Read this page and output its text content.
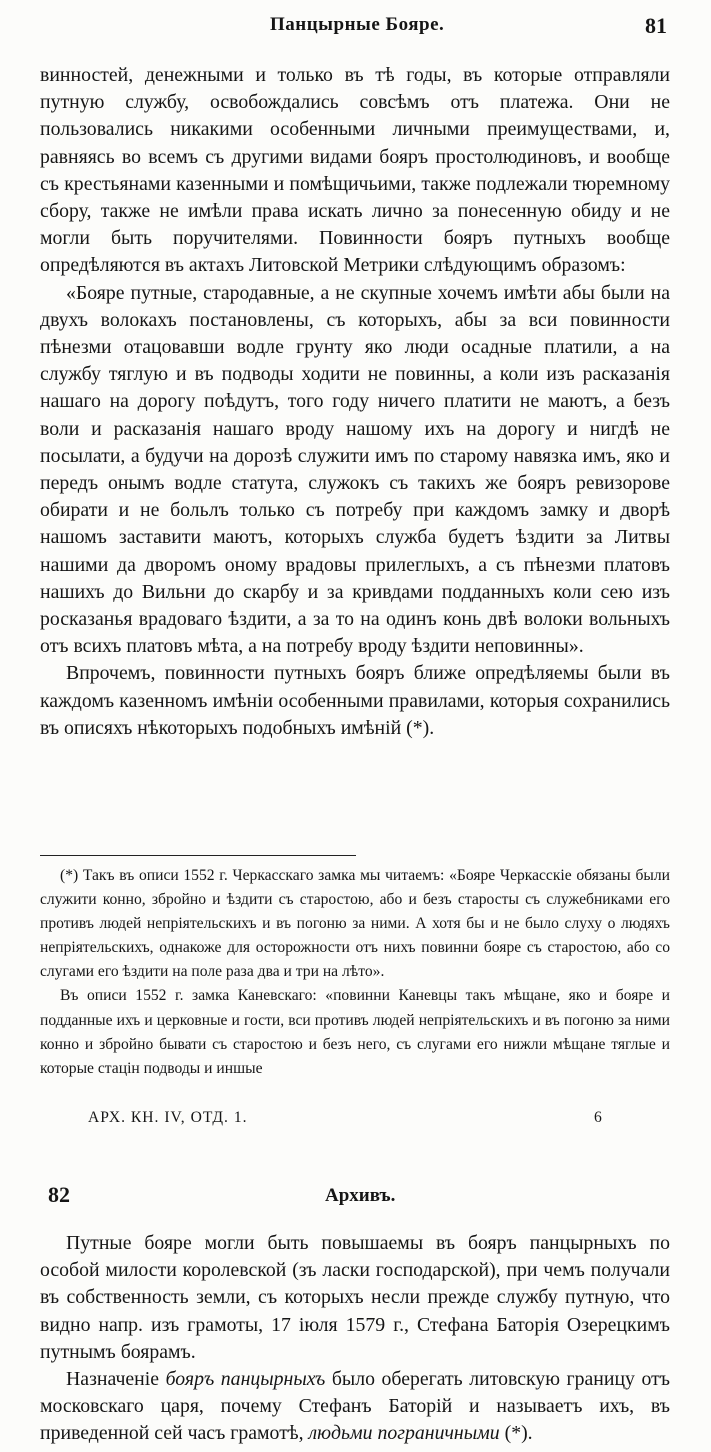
Панцырные Бояре.	81

винностей, денежными и только въ тѣ годы, въ которые отправляли путную службу, освобождались совсѣмъ отъ платежа. Они не пользовались никакими особенными личными преимуществами, и, равняясь во всемъ съ другими видами бояръ простолюдиновъ, и вообще съ крестьянами казенными и помѣщичьими, также подлежали тюремному сбору, также не имѣли права искать лично за понесенную обиду и не могли быть поручителями. Повинности бояръ путныхъ вообще опредѣляются въ актахъ Литовской Метрики слѣдующимъ образомъ:

«Бояре путные, стародавные, а не скупные хочемъ имѣти абы были на двухъ волокахъ постановлены, съ которыхъ, абы за вси повинности пѣнезми отацовавши водле грунту яко люди осадные платили, а на службу тяглую и въ подводы ходити не повинны, а коли изъ расказанія нашаго на дорогу поѣдутъ, того году ничего платити не маютъ, а безъ воли и расказанія нашаго вроду нашому ихъ на дорогу и нигдѣ не посылати, а будучи на дорозѣ служити имъ по старому навязка имъ, яко и передъ онымъ водле статута, служокъ съ такихъ же бояръ ревизорове обирати и не больлъ только съ потребу при каждомъ замку и дворѣ нашомъ заставити маютъ, которыхъ служба будетъ ѣздити за Литвы нашими да дворомъ оному врадовы прилеглыхъ, а съ пѣнезми платовъ нашихъ до Вильни до скарбу и за кривдами подданныхъ коли сею изъ росказанья врадоваго ѣздити, а за то на одинъ конь двѣ волоки вольныхъ отъ всихъ платовъ мѣта, а на потребу вроду ѣздити неповинны».

Впрочемъ, повинности путныхъ бояръ ближе опредѣляемы были въ каждомъ казенномъ имѣніи особенными правилами, которыя сохранились въ описяхъ нѣкоторыхъ подобныхъ имѣній (*).

(*) Такъ въ описи 1552 г. Черкасскаго замка мы читаемъ: «Бояре Черкасскіе обязаны были служити конно, збройно и ѣздити съ старостою, або и безъ старосты съ служебниками его противъ людей непріятельскихъ и въ погоню за ними. А хотя бы и не было слуху о людяхъ непріятельскихъ, однакоже для осторожности отъ нихъ повинни бояре съ старостою, або со слугами его ѣздити на поле раза два и три на лѣто».

Въ описи 1552 г. замка Каневскаго: «повинни Каневцы такъ мѣщане, яко и бояре и подданные ихъ и церковные и гости, вси противъ людей непріятельскихъ и въ погоню за ними конно и збройно бывати съ старостою и безъ него, съ слугами его нижли мѣщане тяглые и которые стацін подводы и иншые

АРХ. КН. IV, ОТД. 1.	6
82	Архивъ.

Путные бояре могли быть повышаемы въ бояръ панцырныхъ по особой милости королевской (зъ ласки господарской), при чемъ получали въ собственность земли, съ которыхъ несли прежде службу путную, что видно напр. изъ грамоты, 17 іюля 1579 г., Стефана Баторія Озерецкимъ путнымъ боярамъ.

Назначеніе бояръ панцырныхъ было оберегать литовскую границу отъ московскаго царя, почему Стефанъ Баторій и называетъ ихъ, въ приведенной сей часъ грамотѣ, людьми пограничными (*).
